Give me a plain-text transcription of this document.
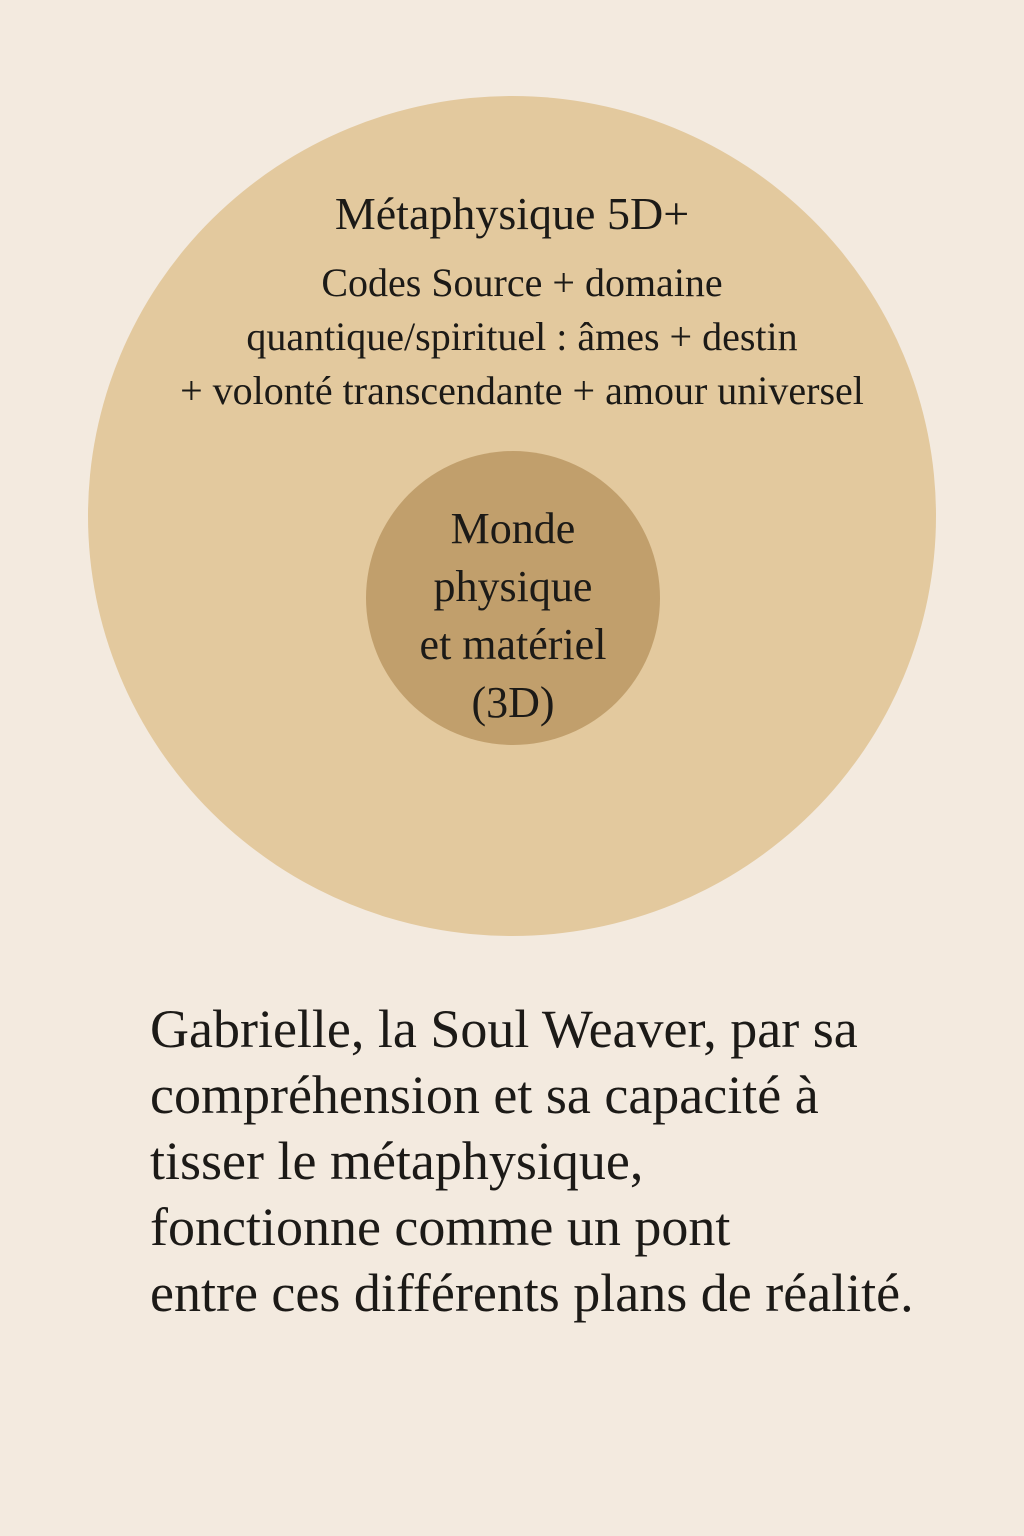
Métaphysique 5D+
Codes Source + domaine
quantique/spirituel : âmes + destin
+ volonté transcendante + amour universel
Monde
physique
et matériel
(3D)
Gabrielle, la Soul Weaver, par sa
compréhension et sa capacité à
tisser le métaphysique,
fonctionne comme un pont
entre ces différents plans de réalité.
